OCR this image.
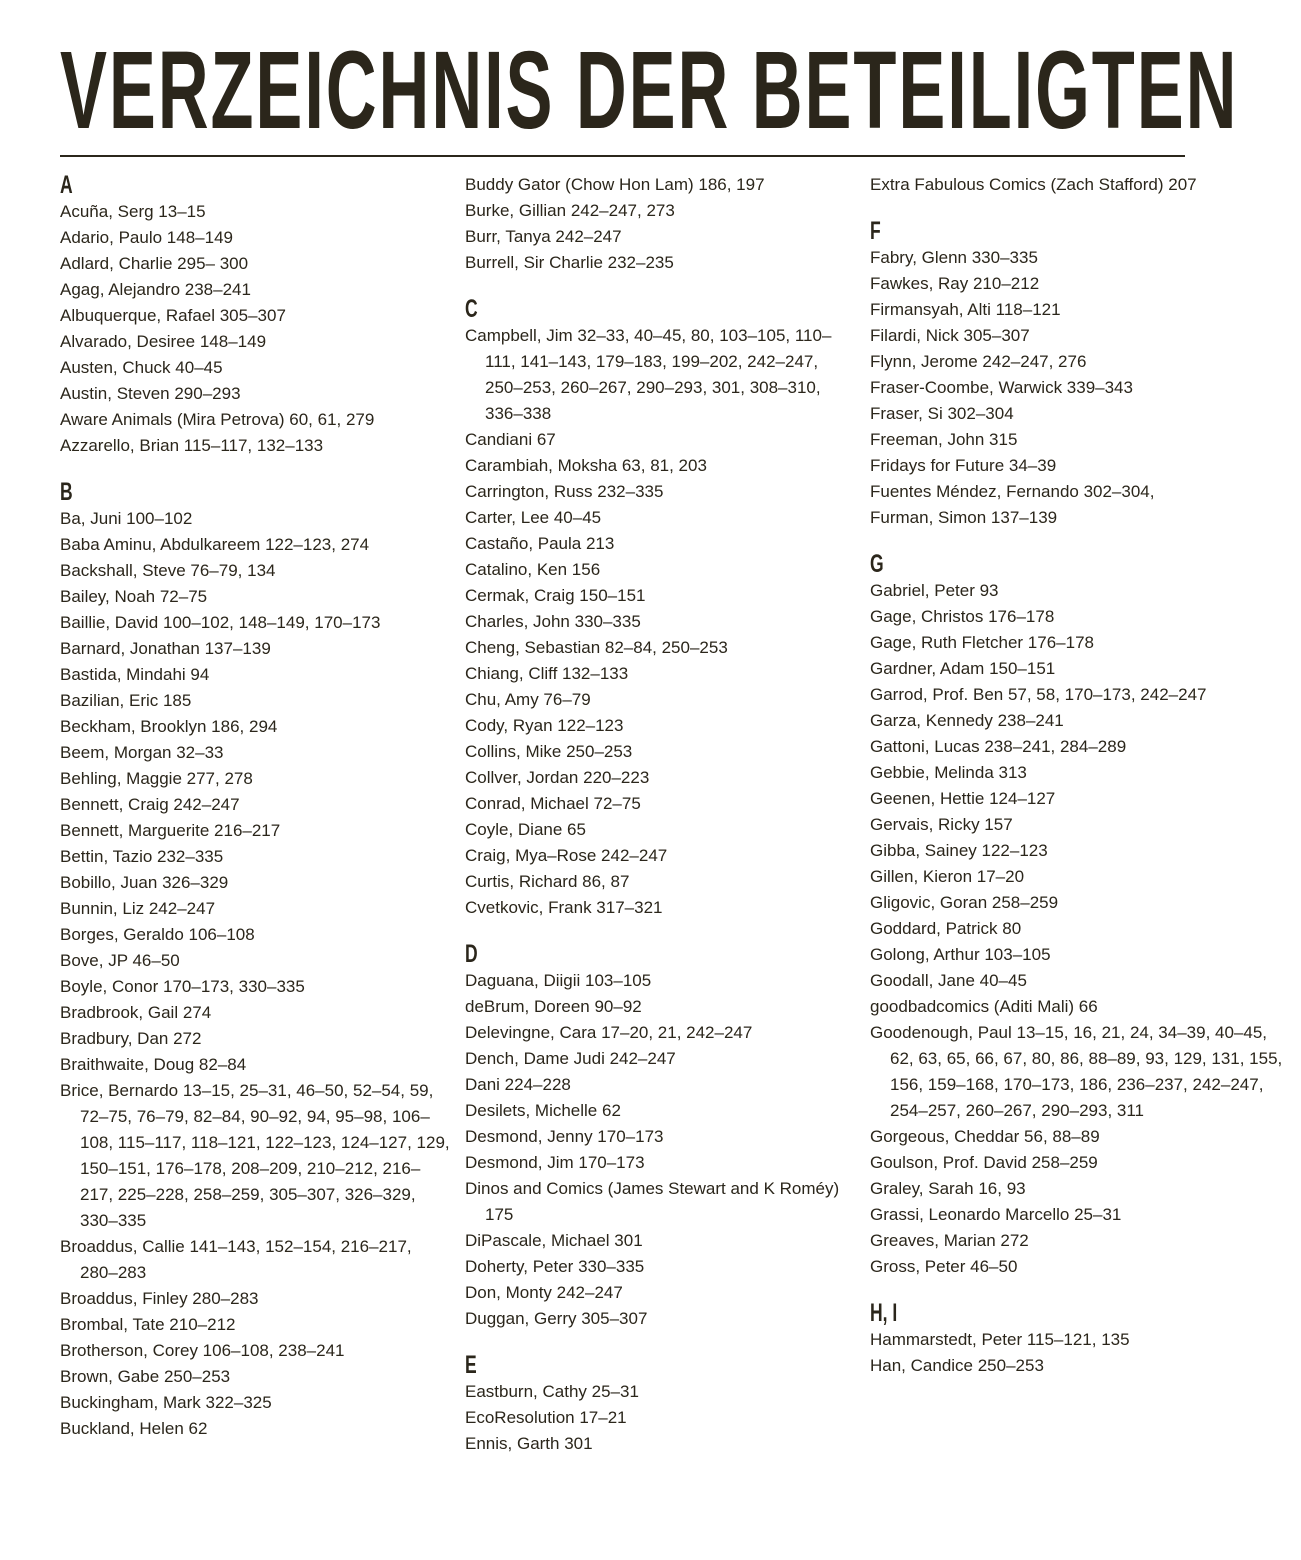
VERZEICHNIS DER BETEILIGTEN
A
Acuña, Serg 13–15
Adario, Paulo 148–149
Adlard, Charlie 295– 300
Agag, Alejandro 238–241
Albuquerque, Rafael 305–307
Alvarado, Desiree 148–149
Austen, Chuck 40–45
Austin, Steven 290–293
Aware Animals (Mira Petrova) 60, 61, 279
Azzarello, Brian 115–117, 132–133
B
Ba, Juni 100–102
Baba Aminu, Abdulkareem 122–123, 274
Backshall, Steve 76–79, 134
Bailey, Noah 72–75
Baillie, David 100–102, 148–149, 170–173
Barnard, Jonathan 137–139
Bastida, Mindahi 94
Bazilian, Eric 185
Beckham, Brooklyn 186, 294
Beem, Morgan 32–33
Behling, Maggie 277, 278
Bennett, Craig 242–247
Bennett, Marguerite 216–217
Bettin, Tazio 232–335
Bobillo, Juan 326–329
Bunnin, Liz 242–247
Borges, Geraldo 106–108
Bove, JP 46–50
Boyle, Conor 170–173, 330–335
Bradbrook, Gail 274
Bradbury, Dan 272
Braithwaite, Doug 82–84
Brice, Bernardo 13–15, 25–31, 46–50, 52–54, 59, 72–75, 76–79, 82–84, 90–92, 94, 95–98, 106–108, 115–117, 118–121, 122–123, 124–127, 129, 150–151, 176–178, 208–209, 210–212, 216–217, 225–228, 258–259, 305–307, 326–329, 330–335
Broaddus, Callie 141–143, 152–154, 216–217, 280–283
Broaddus, Finley 280–283
Brombal, Tate 210–212
Brotherson, Corey 106–108, 238–241
Brown, Gabe 250–253
Buckingham, Mark 322–325
Buckland, Helen 62
Buddy Gator (Chow Hon Lam) 186, 197
Burke, Gillian 242–247, 273
Burr, Tanya 242–247
Burrell, Sir Charlie 232–235
C
Campbell, Jim 32–33, 40–45, 80, 103–105, 110–111, 141–143, 179–183, 199–202, 242–247, 250–253, 260–267, 290–293, 301, 308–310, 336–338
Candiani 67
Carambiah, Moksha 63, 81, 203
Carrington, Russ 232–335
Carter, Lee 40–45
Castaño, Paula 213
Catalino, Ken 156
Cermak, Craig 150–151
Charles, John 330–335
Cheng, Sebastian 82–84, 250–253
Chiang, Cliff 132–133
Chu, Amy 76–79
Cody, Ryan 122–123
Collins, Mike 250–253
Collver, Jordan 220–223
Conrad, Michael 72–75
Coyle, Diane 65
Craig, Mya–Rose 242–247
Curtis, Richard 86, 87
Cvetkovic, Frank 317–321
D
Daguana, Diigii 103–105
deBrum, Doreen 90–92
Delevingne, Cara 17–20, 21, 242–247
Dench, Dame Judi 242–247
Dani 224–228
Desilets, Michelle 62
Desmond, Jenny 170–173
Desmond, Jim 170–173
Dinos and Comics (James Stewart and K Roméy) 175
DiPascale, Michael 301
Doherty, Peter 330–335
Don, Monty 242–247
Duggan, Gerry 305–307
E
Eastburn, Cathy 25–31
EcoResolution 17–21
Ennis, Garth 301
Extra Fabulous Comics (Zach Stafford) 207
F
Fabry, Glenn 330–335
Fawkes, Ray 210–212
Firmansyah, Alti 118–121
Filardi, Nick 305–307
Flynn, Jerome 242–247, 276
Fraser-Coombe, Warwick 339–343
Fraser, Si 302–304
Freeman, John 315
Fridays for Future 34–39
Fuentes Méndez, Fernando 302–304,
Furman, Simon 137–139
G
Gabriel, Peter 93
Gage, Christos 176–178
Gage, Ruth Fletcher 176–178
Gardner, Adam 150–151
Garrod, Prof. Ben 57, 58, 170–173, 242–247
Garza, Kennedy 238–241
Gattoni, Lucas 238–241, 284–289
Gebbie, Melinda 313
Geenen, Hettie 124–127
Gervais, Ricky 157
Gibba, Sainey 122–123
Gillen, Kieron 17–20
Gligovic, Goran 258–259
Goddard, Patrick 80
Golong, Arthur 103–105
Goodall, Jane 40–45
goodbadcomics (Aditi Mali) 66
Goodenough, Paul 13–15, 16, 21, 24, 34–39, 40–45, 62, 63, 65, 66, 67, 80, 86, 88–89, 93, 129, 131, 155, 156, 159–168, 170–173, 186, 236–237, 242–247, 254–257, 260–267, 290–293, 311
Gorgeous, Cheddar 56, 88–89
Goulson, Prof. David 258–259
Graley, Sarah 16, 93
Grassi, Leonardo Marcello 25–31
Greaves, Marian 272
Gross, Peter 46–50
H, I
Hammarstedt, Peter 115–121, 135
Han, Candice 250–253
